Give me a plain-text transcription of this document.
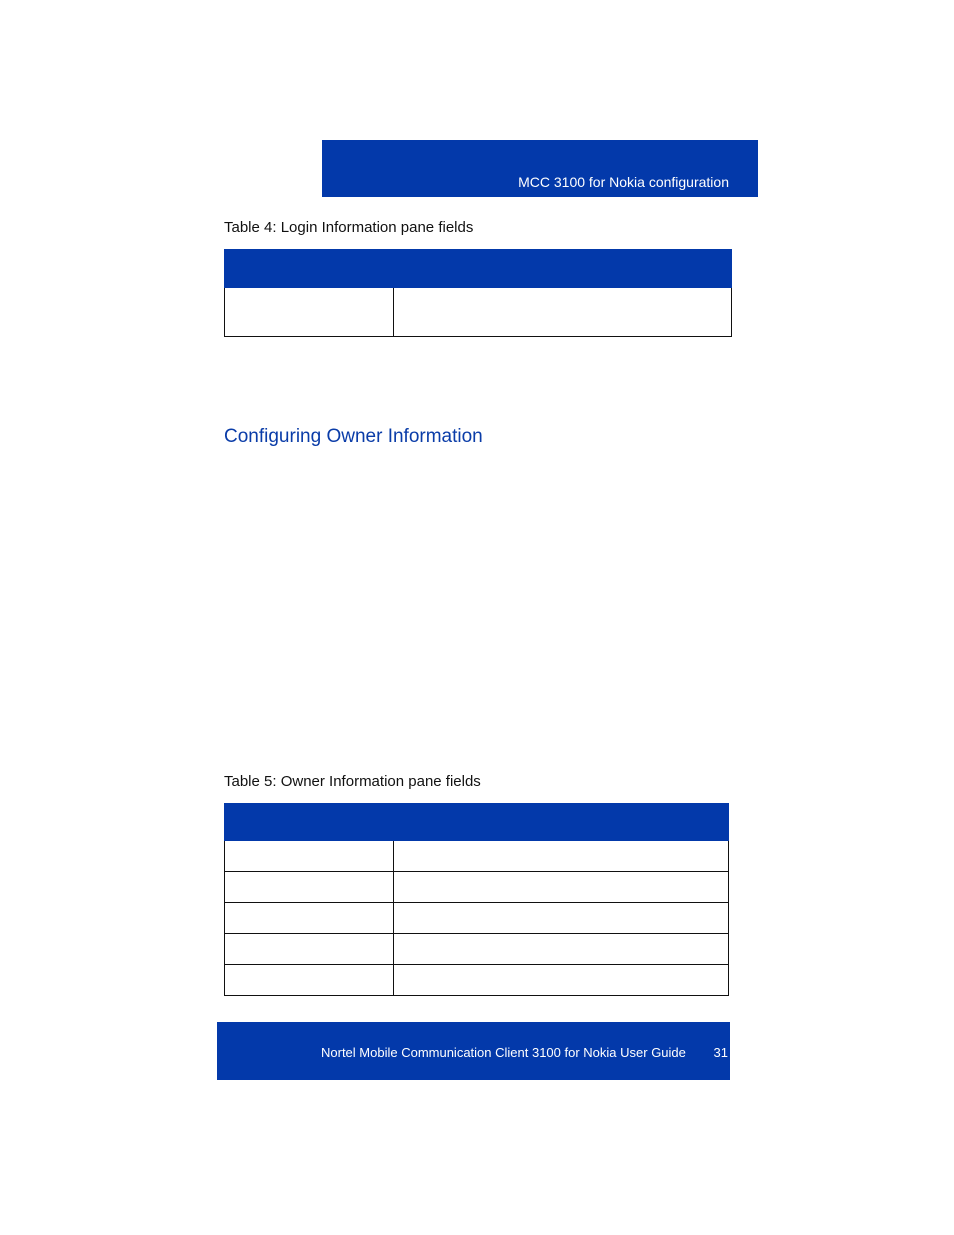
MCC 3100 for Nokia configuration
Table 4: Login Information pane fields

Configuring Owner Information
Table 5: Owner Information pane fields

Nortel Mobile Communication Client 3100 for Nokia User Guide 31
